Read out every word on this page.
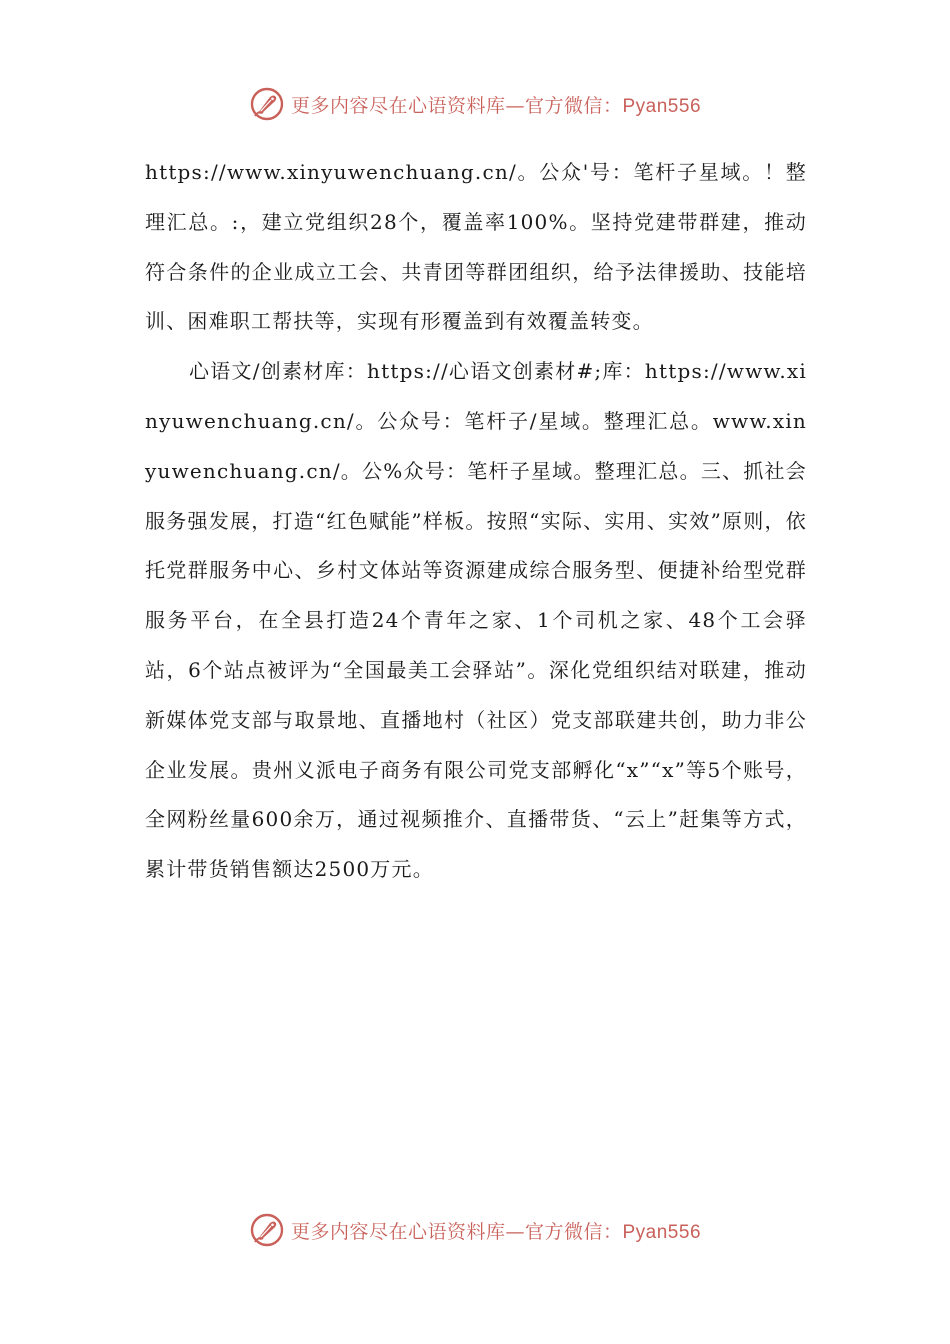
更多内容尽在心语资料库—官方微信：Pyan556

https://www.xinyuwenchuang.cn/。公众'号：笔杆子星域。！整理汇总。:，建立党组织28个，覆盖率100%。坚持党建带群建，推动符合条件的企业成立工会、共青团等群团组织，给予法律援助、技能培训、困难职工帮扶等，实现有形覆盖到有效覆盖转变。

心语文/创素材库：https://心语文创素材#;库：https://www.xinyuwenchuang.cn/。公众号：笔杆子/星域。整理汇总。www.xinyuwenchuang.cn/。公%众号：笔杆子星域。整理汇总。三、抓社会服务强发展，打造“红色赋能”样板。按照“实际、实用、实效”原则，依托党群服务中心、乡村文体站等资源建成综合服务型、便捷补给型党群服务平台，在全县打造24个青年之家、1个司机之家、48个工会驿站，6个站点被评为“全国最美工会驿站”。深化党组织结对联建，推动新媒体党支部与取景地、直播地村（社区）党支部联建共创，助力非公企业发展。贵州义派电子商务有限公司党支部孵化“x”“x”等5个账号，全网粉丝量600余万，通过视频推介、直播带货、“云上”赶集等方式，累计带货销售额达2500万元。

更多内容尽在心语资料库—官方微信：Pyan556
